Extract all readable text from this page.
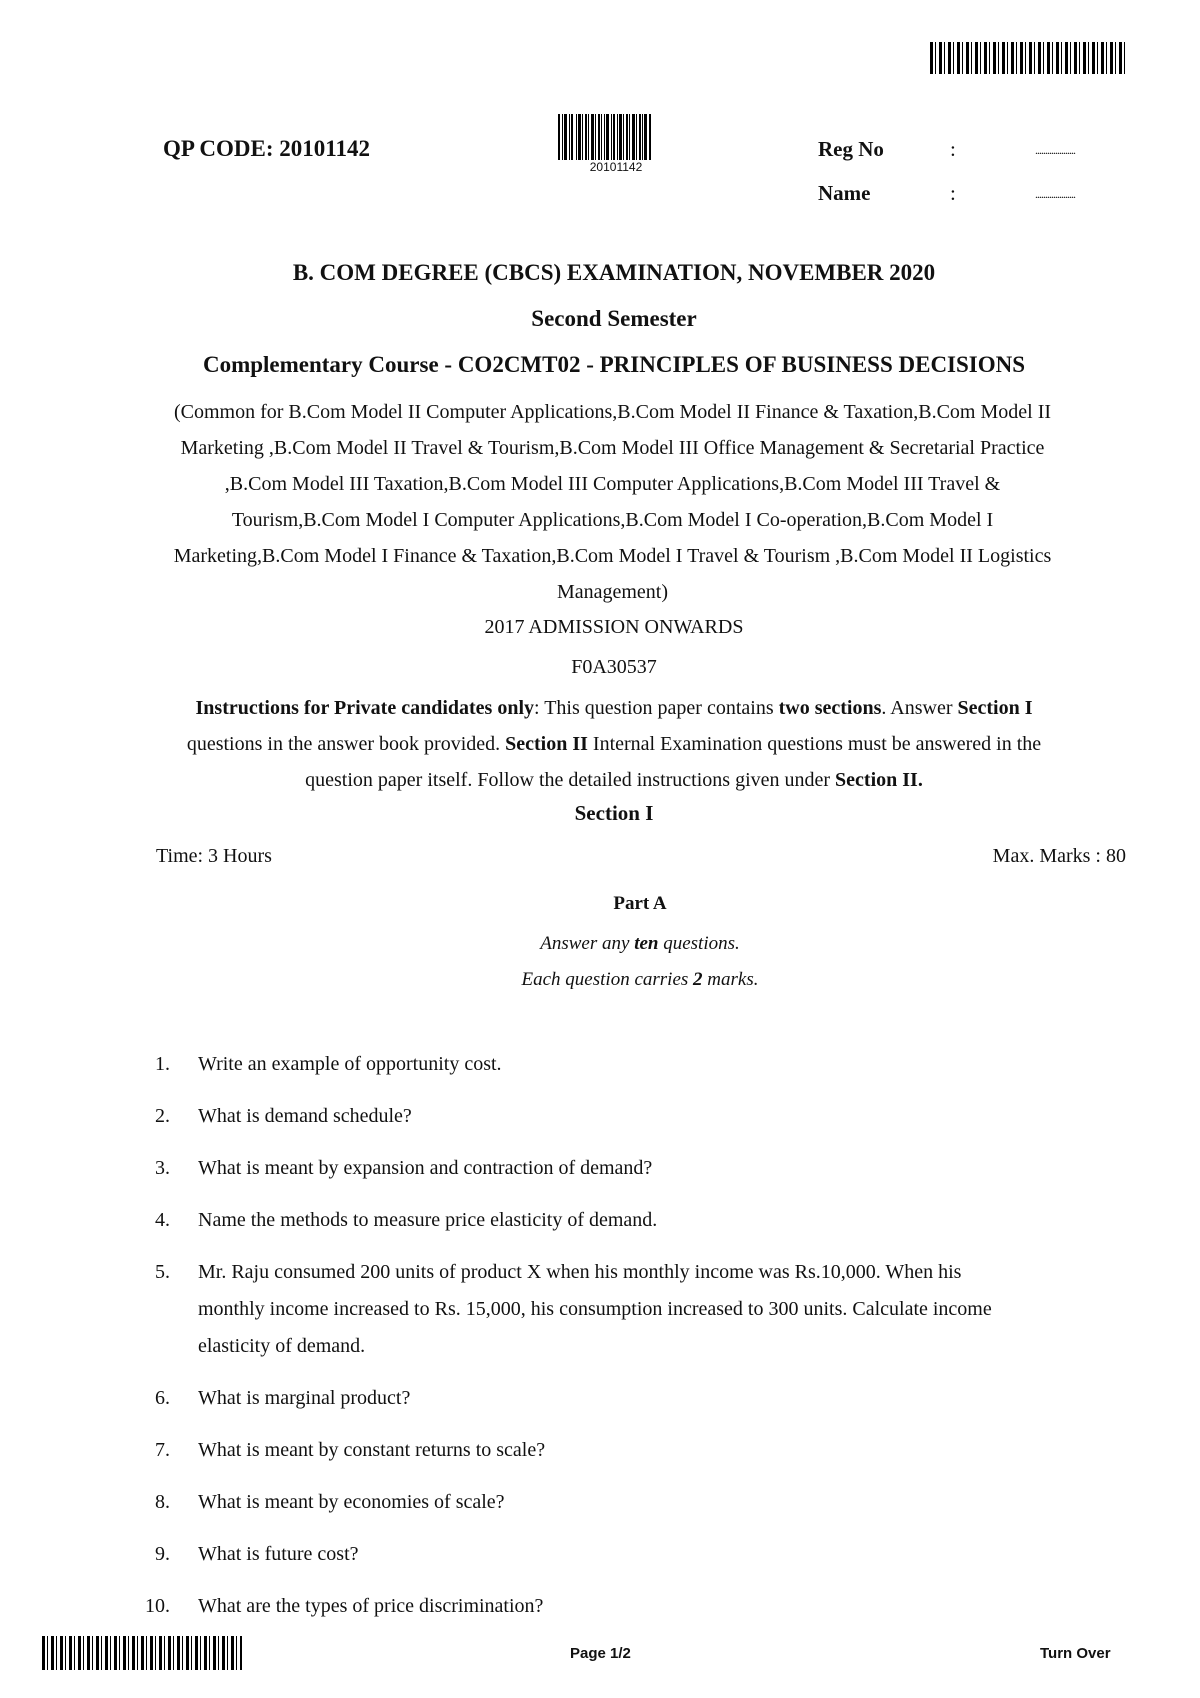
QP CODE: 20101142
20101142
Reg No	:	....................
Name	:	....................
B. COM DEGREE (CBCS) EXAMINATION, NOVEMBER 2020
Second Semester
Complementary Course - CO2CMT02 - PRINCIPLES OF BUSINESS DECISIONS
(Common for B.Com Model II Computer Applications,B.Com Model II Finance & Taxation,B.Com Model II
Marketing ,B.Com Model II Travel & Tourism,B.Com Model III Office Management & Secretarial Practice
,B.Com Model III Taxation,B.Com Model III Computer Applications,B.Com Model III Travel &
Tourism,B.Com Model I Computer Applications,B.Com Model I Co-operation,B.Com Model I
Marketing,B.Com Model I Finance & Taxation,B.Com Model I Travel & Tourism ,B.Com Model II Logistics
Management)
2017 ADMISSION ONWARDS
F0A30537
Instructions for Private candidates only: This question paper contains two sections. Answer Section I
questions in the answer book provided. Section II Internal Examination questions must be answered in the
question paper itself. Follow the detailed instructions given under Section II.
Section I
Time: 3 Hours	Max. Marks : 80
Part A
Answer any ten questions.
Each question carries 2 marks.
1. Write an example of opportunity cost.
2. What is demand schedule?
3. What is meant by expansion and contraction of demand?
4. Name the methods to measure price elasticity of demand.
5. Mr. Raju consumed 200 units of product X when his monthly income was Rs.10,000. When his
monthly income increased to Rs. 15,000, his consumption increased to 300 units. Calculate income
elasticity of demand.
6. What is marginal product?
7. What is meant by constant returns to scale?
8. What is meant by economies of scale?
9. What is future cost?
10. What are the types of price discrimination?
Page 1/2	Turn Over
